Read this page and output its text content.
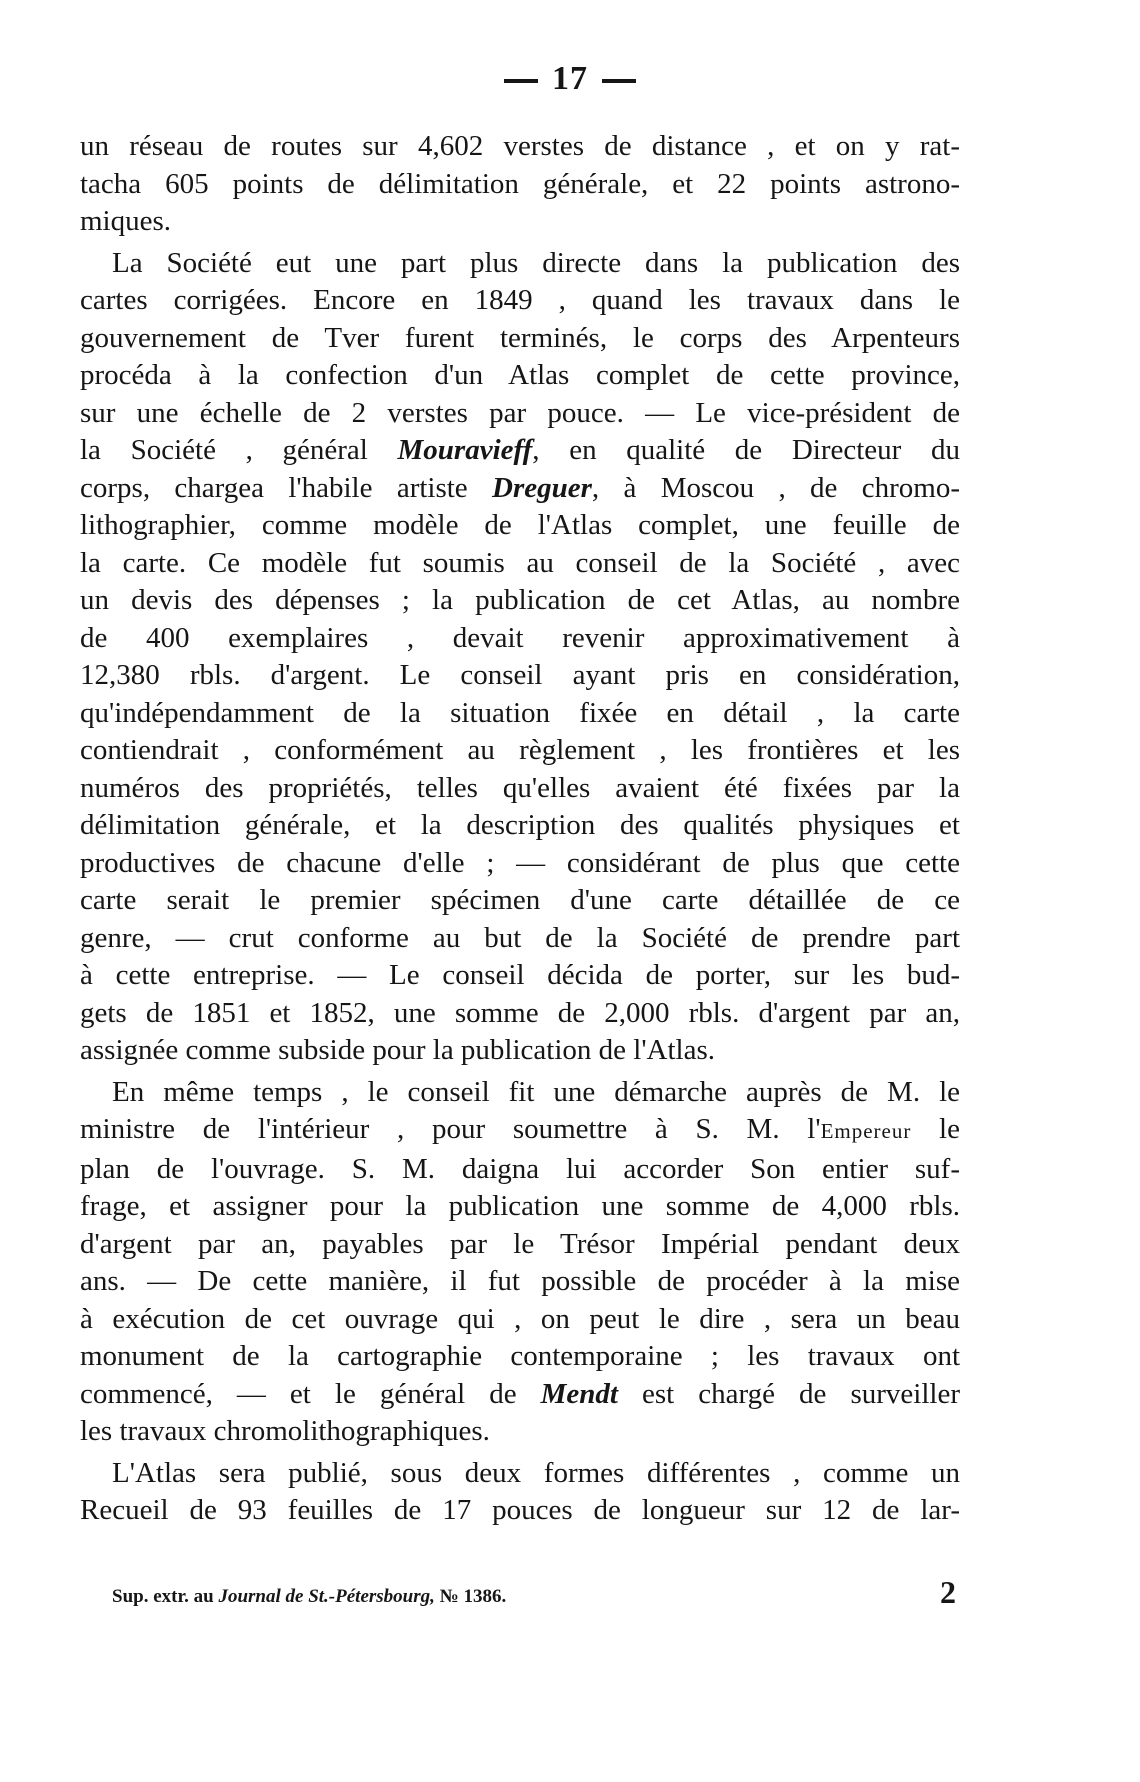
17

un réseau de routes sur 4,602 verstes de distance , et on y rat-

tacha 605 points de délimitation générale, et 22 points astrono-

miques.

La Société eut une part plus directe dans la publication des

cartes corrigées. Encore en 1849 , quand les travaux dans le

gouvernement de Tver furent terminés, le corps des Arpenteurs

procéda à la confection d'un Atlas complet de cette province,

sur une échelle de 2 verstes par pouce. — Le vice-président de

la Société , général Mouravieff, en qualité de Directeur du

corps, chargea l'habile artiste Dreguer, à Moscou , de chromo-

lithographier, comme modèle de l'Atlas complet, une feuille de

la carte. Ce modèle fut soumis au conseil de la Société , avec

un devis des dépenses ; la publication de cet Atlas, au nombre

de 400 exemplaires , devait revenir approximativement à

12,380 rbls. d'argent. Le conseil ayant pris en considération,

qu'indépendamment de la situation fixée en détail , la carte

contiendrait , conformément au règlement , les frontières et les

numéros des propriétés, telles qu'elles avaient été fixées par la

délimitation générale, et la description des qualités physiques et

productives de chacune d'elle ; — considérant de plus que cette

carte serait le premier spécimen d'une carte détaillée de ce

genre, — crut conforme au but de la Société de prendre part

à cette entreprise. — Le conseil décida de porter, sur les bud-

gets de 1851 et 1852, une somme de 2,000 rbls. d'argent par an,

assignée comme subside pour la publication de l'Atlas.

En même temps , le conseil fit une démarche auprès de M. le

ministre de l'intérieur , pour soumettre à S. M. l'Empereur le

plan de l'ouvrage. S. M. daigna lui accorder Son entier suf-

frage, et assigner pour la publication une somme de 4,000 rbls.

d'argent par an, payables par le Trésor Impérial pendant deux

ans. — De cette manière, il fut possible de procéder à la mise

à exécution de cet ouvrage qui , on peut le dire , sera un beau

monument de la cartographie contemporaine ; les travaux ont

commencé, — et le général de Mendt est chargé de surveiller

les travaux chromolithographiques.

L'Atlas sera publié, sous deux formes différentes , comme un

Recueil de 93 feuilles de 17 pouces de longueur sur 12 de lar-

Sup. extr. au Journal de St.-Pétersbourg, № 1386.	2
